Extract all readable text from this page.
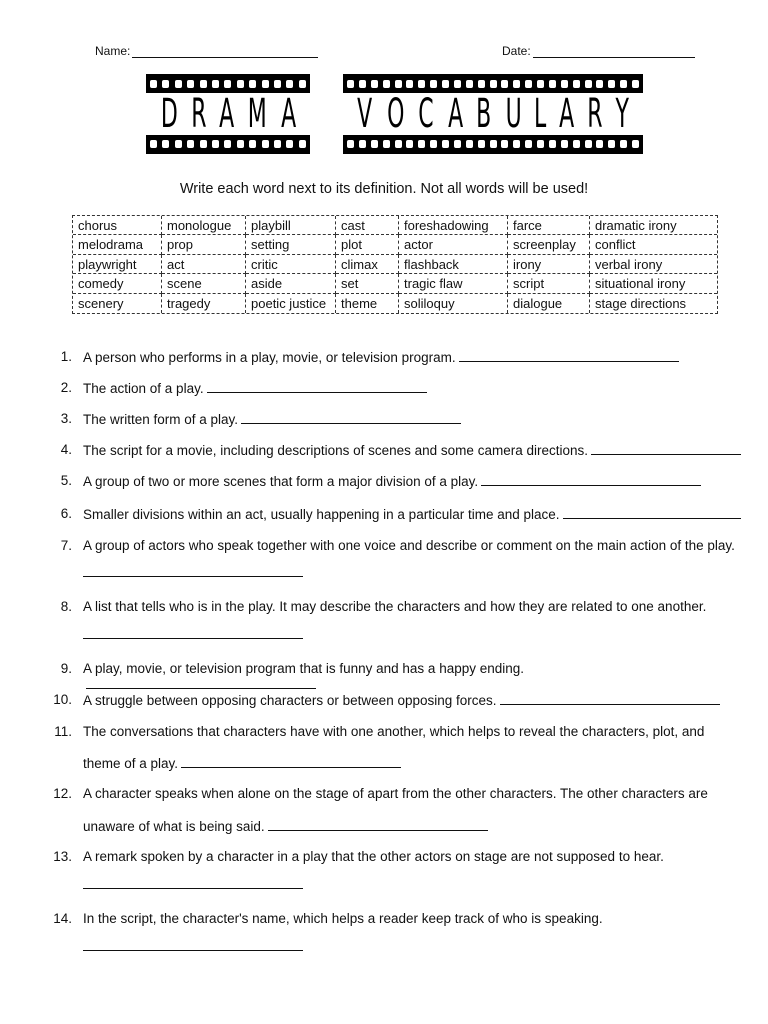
Name:	Date:
D R A M A V O C A B U L A R Y
Write each word next to its definition. Not all words will be used!
chorus	monologue	playbill	cast	foreshadowing	farce	dramatic irony
melodrama	prop	setting	plot	actor	screenplay	conflict
playwright	act	critic	climax	flashback	irony	verbal irony
comedy	scene	aside	set	tragic flaw	script	situational irony
scenery	tragedy	poetic justice	theme	soliloquy	dialogue	stage directions
1. A person who performs in a play, movie, or television program.
2. The action of a play.
3. The written form of a play.
4. The script for a movie, including descriptions of scenes and some camera directions.
5. A group of two or more scenes that form a major division of a play.
6. Smaller divisions within an act, usually happening in a particular time and place.
7. A group of actors who speak together with one voice and describe or comment on the main action of the play.
8. A list that tells who is in the play. It may describe the characters and how they are related to one another.
9. A play, movie, or television program that is funny and has a happy ending.
10. A struggle between opposing characters or between opposing forces.
11. The conversations that characters have with one another, which helps to reveal the characters, plot, and
theme of a play.
12. A character speaks when alone on the stage of apart from the other characters. The other characters are
unaware of what is being said.
13. A remark spoken by a character in a play that the other actors on stage are not supposed to hear.
14. In the script, the character's name, which helps a reader keep track of who is speaking.
